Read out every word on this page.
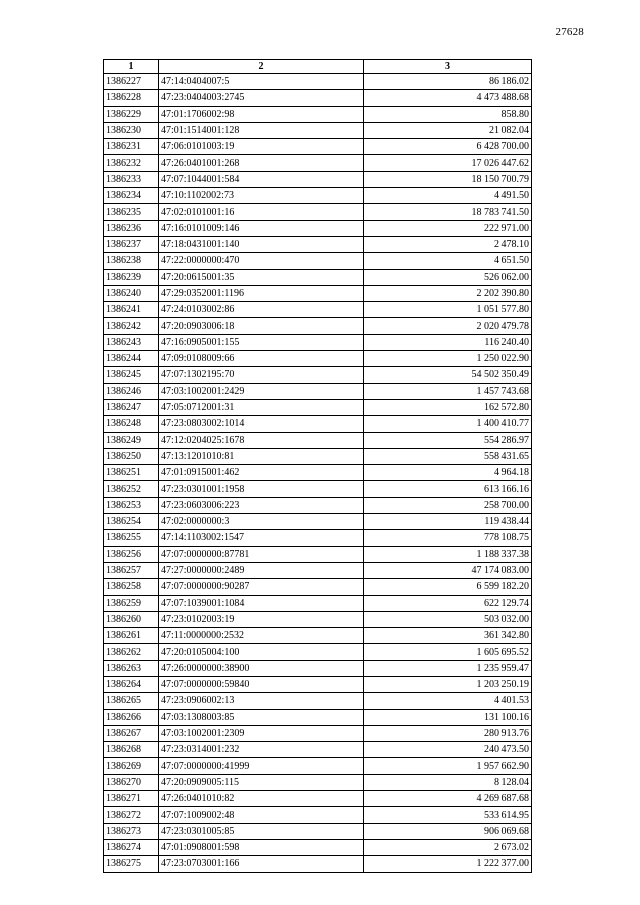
27628
1	2	3
1386227	47:14:0404007:5	86 186.02
1386228	47:23:0404003:2745	4 473 488.68
1386229	47:01:1706002:98	858.80
1386230	47:01:1514001:128	21 082.04
1386231	47:06:0101003:19	6 428 700.00
1386232	47:26:0401001:268	17 026 447.62
1386233	47:07:1044001:584	18 150 700.79
1386234	47:10:1102002:73	4 491.50
1386235	47:02:0101001:16	18 783 741.50
1386236	47:16:0101009:146	222 971.00
1386237	47:18:0431001:140	2 478.10
1386238	47:22:0000000:470	4 651.50
1386239	47:20:0615001:35	526 062.00
1386240	47:29:0352001:1196	2 202 390.80
1386241	47:24:0103002:86	1 051 577.80
1386242	47:20:0903006:18	2 020 479.78
1386243	47:16:0905001:155	116 240.40
1386244	47:09:0108009:66	1 250 022.90
1386245	47:07:1302195:70	54 502 350.49
1386246	47:03:1002001:2429	1 457 743.68
1386247	47:05:0712001:31	162 572.80
1386248	47:23:0803002:1014	1 400 410.77
1386249	47:12:0204025:1678	554 286.97
1386250	47:13:1201010:81	558 431.65
1386251	47:01:0915001:462	4 964.18
1386252	47:23:0301001:1958	613 166.16
1386253	47:23:0603006:223	258 700.00
1386254	47:02:0000000:3	119 438.44
1386255	47:14:1103002:1547	778 108.75
1386256	47:07:0000000:87781	1 188 337.38
1386257	47:27:0000000:2489	47 174 083.00
1386258	47:07:0000000:90287	6 599 182.20
1386259	47:07:1039001:1084	622 129.74
1386260	47:23:0102003:19	503 032.00
1386261	47:11:0000000:2532	361 342.80
1386262	47:20:0105004:100	1 605 695.52
1386263	47:26:0000000:38900	1 235 959.47
1386264	47:07:0000000:59840	1 203 250.19
1386265	47:23:0906002:13	4 401.53
1386266	47:03:1308003:85	131 100.16
1386267	47:03:1002001:2309	280 913.76
1386268	47:23:0314001:232	240 473.50
1386269	47:07:0000000:41999	1 957 662.90
1386270	47:20:0909005:115	8 128.04
1386271	47:26:0401010:82	4 269 687.68
1386272	47:07:1009002:48	533 614.95
1386273	47:23:0301005:85	906 069.68
1386274	47:01:0908001:598	2 673.02
1386275	47:23:0703001:166	1 222 377.00
